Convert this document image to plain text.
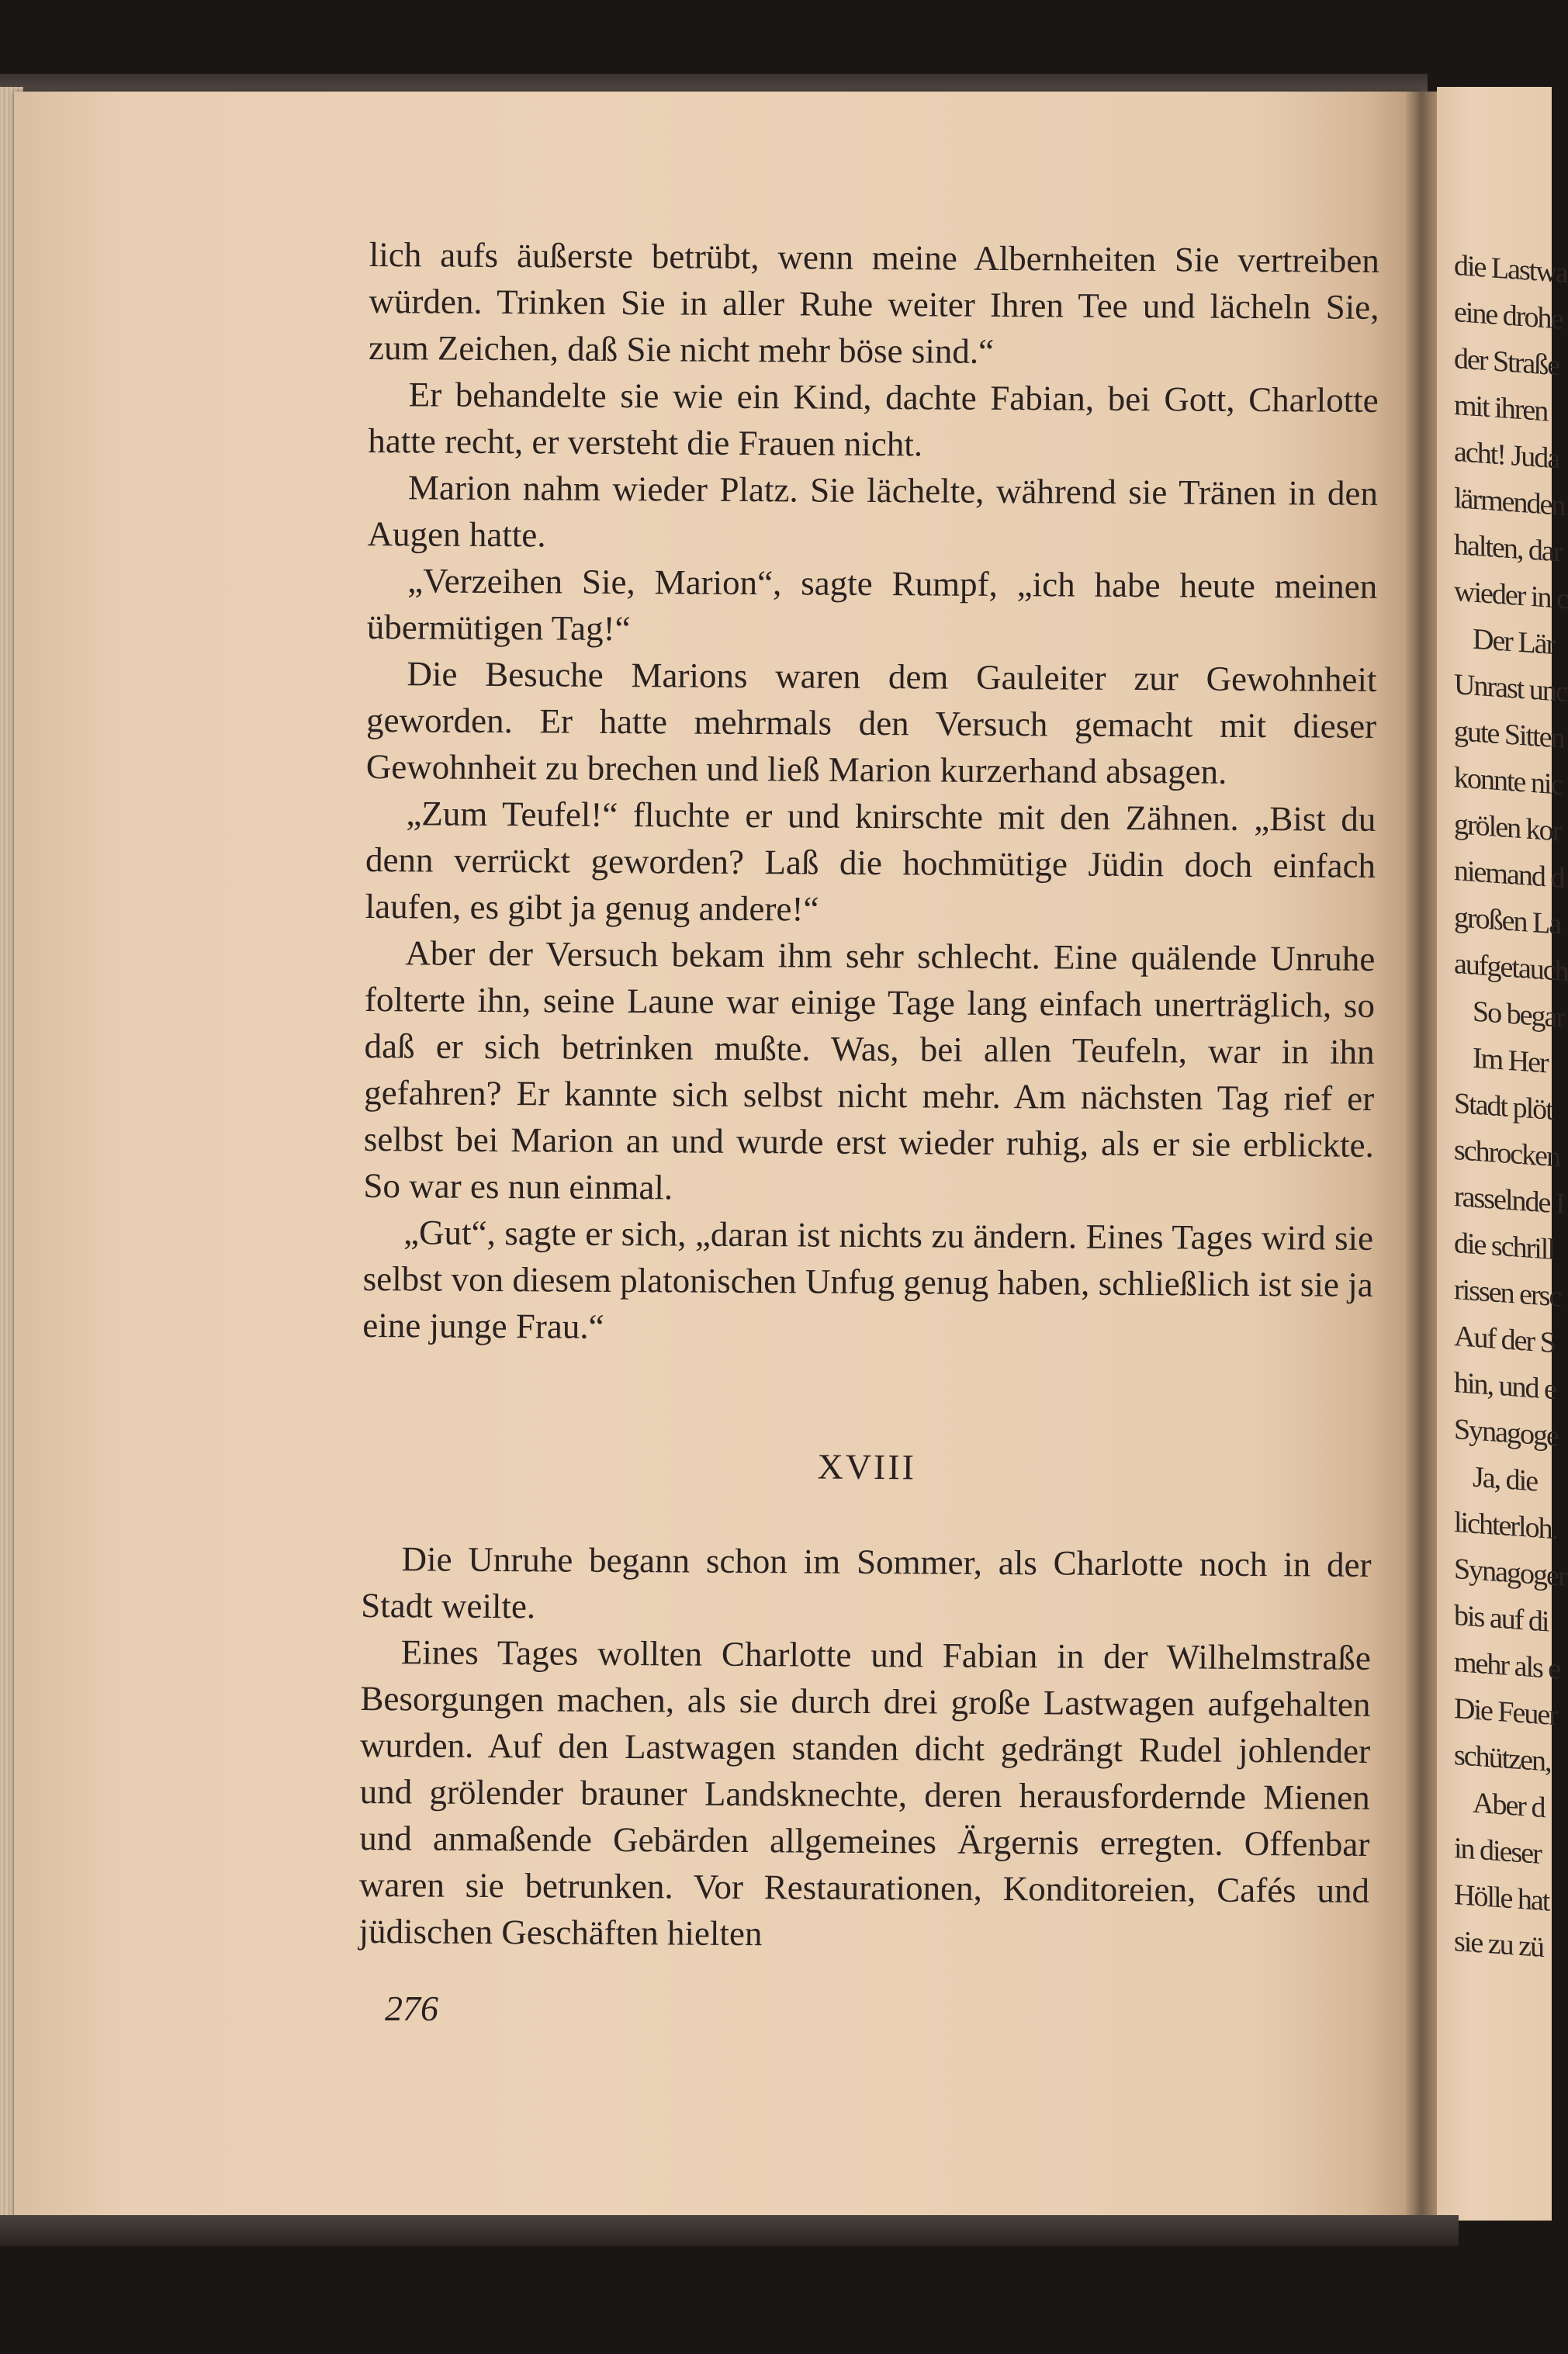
die Lastwa
eine drohe
der Straße
mit ihren
acht! Juda
lärmenden
halten, dar
wieder in c
Der Lär
Unrast unc
gute Sitten
konnte nic
grölen kor
niemand d
großen La
aufgetauch
So begar
Im Her
Stadt plöt
schrocken
rasselnde I
die schrill
rissen ersc
Auf der S
hin, und e
Synagoge
Ja, die
lichterloh.
Synagoger
bis auf di
mehr als e
Die Feuer
schützen,
Aber d
in dieser
Hölle hat
sie zu zü

lich aufs äußerste betrübt, wenn meine Albernheiten Sie vertreiben würden. Trinken Sie in aller Ruhe weiter Ihren Tee und lächeln Sie, zum Zeichen, daß Sie nicht mehr böse sind.“

Er behandelte sie wie ein Kind, dachte Fabian, bei Gott, Charlotte hatte recht, er versteht die Frauen nicht.

Marion nahm wieder Platz. Sie lächelte, während sie Tränen in den Augen hatte.

„Verzeihen Sie, Marion“, sagte Rumpf, „ich habe heute meinen übermütigen Tag!“

Die Besuche Marions waren dem Gauleiter zur Gewohnheit geworden. Er hatte mehrmals den Versuch gemacht mit dieser Gewohnheit zu brechen und ließ Marion kurzerhand absagen.

„Zum Teufel!“ fluchte er und knirschte mit den Zähnen. „Bist du denn verrückt geworden? Laß die hochmütige Jüdin doch einfach laufen, es gibt ja genug andere!“

Aber der Versuch bekam ihm sehr schlecht. Eine quälende Unruhe folterte ihn, seine Laune war einige Tage lang einfach unerträglich, so daß er sich betrinken mußte. Was, bei allen Teufeln, war in ihn gefahren? Er kannte sich selbst nicht mehr. Am nächsten Tag rief er selbst bei Marion an und wurde erst wieder ruhig, als er sie erblickte. So war es nun einmal.

„Gut“, sagte er sich, „daran ist nichts zu ändern. Eines Tages wird sie selbst von diesem platonischen Unfug genug haben, schließlich ist sie ja eine junge Frau.“

XVIII

Die Unruhe begann schon im Sommer, als Charlotte noch in der Stadt weilte.

Eines Tages wollten Charlotte und Fabian in der Wilhelmstraße Besorgungen machen, als sie durch drei große Lastwagen aufgehalten wurden. Auf den Lastwagen standen dicht gedrängt Rudel johlender und grölender brauner Landsknechte, deren herausfordernde Mienen und anmaßende Gebärden allgemeines Ärgernis erregten. Offenbar waren sie betrunken. Vor Restaurationen, Konditoreien, Cafés und jüdischen Geschäften hielten

276
